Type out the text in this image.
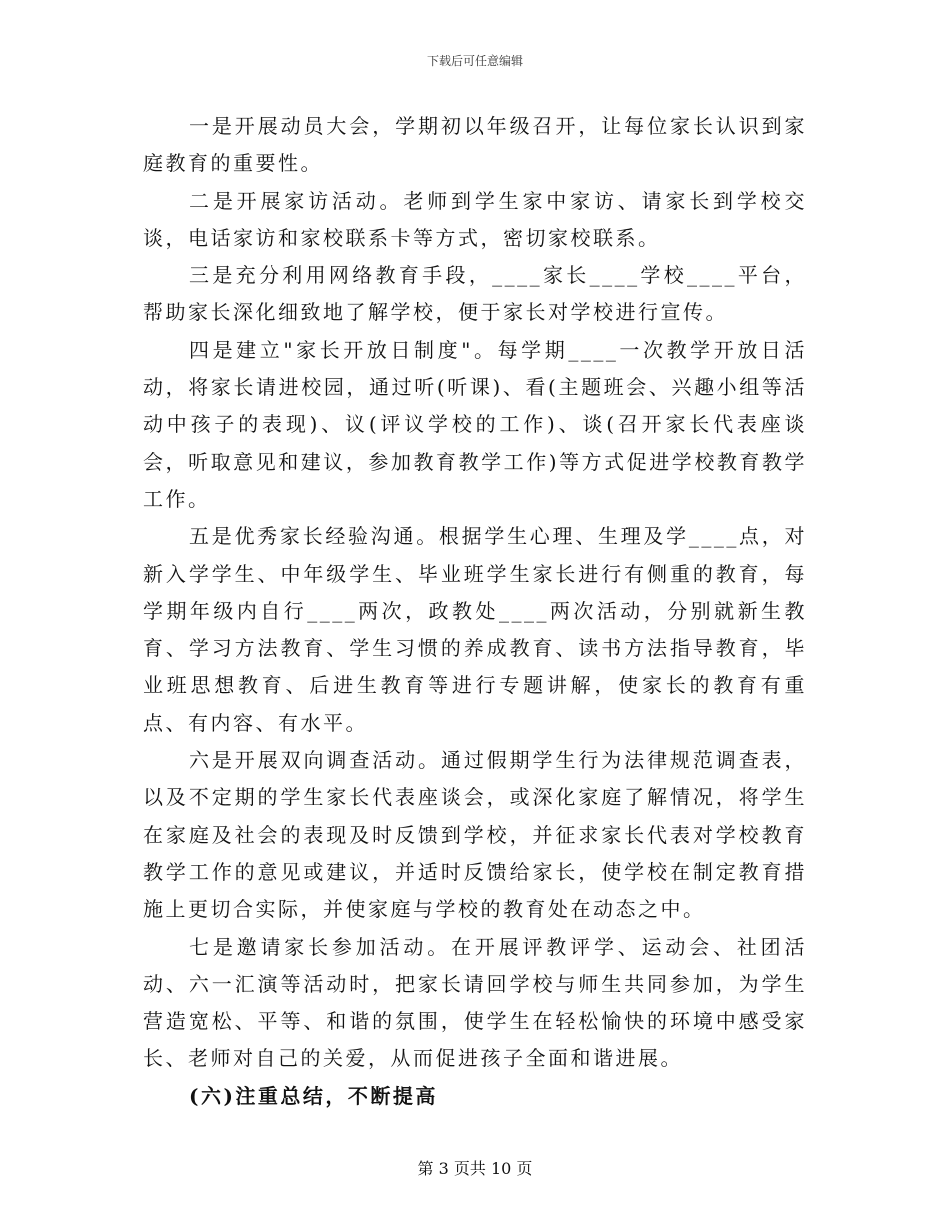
下载后可任意编辑

一是开展动员大会，学期初以年级召开，让每位家长认识到家庭教育的重要性。

二是开展家访活动。老师到学生家中家访、请家长到学校交谈，电话家访和家校联系卡等方式，密切家校联系。

三是充分利用网络教育手段，____家长____学校____平台，帮助家长深化细致地了解学校，便于家长对学校进行宣传。

四是建立"家长开放日制度"。每学期____一次教学开放日活动，将家长请进校园，通过听(听课)、看(主题班会、兴趣小组等活动中孩子的表现)、议(评议学校的工作)、谈(召开家长代表座谈会，听取意见和建议，参加教育教学工作)等方式促进学校教育教学工作。

五是优秀家长经验沟通。根据学生心理、生理及学____点，对新入学学生、中年级学生、毕业班学生家长进行有侧重的教育，每学期年级内自行____两次，政教处____两次活动，分别就新生教育、学习方法教育、学生习惯的养成教育、读书方法指导教育，毕业班思想教育、后进生教育等进行专题讲解，使家长的教育有重点、有内容、有水平。

六是开展双向调查活动。通过假期学生行为法律规范调查表，以及不定期的学生家长代表座谈会，或深化家庭了解情况，将学生在家庭及社会的表现及时反馈到学校，并征求家长代表对学校教育教学工作的意见或建议，并适时反馈给家长，使学校在制定教育措施上更切合实际，并使家庭与学校的教育处在动态之中。

七是邀请家长参加活动。在开展评教评学、运动会、社团活动、六一汇演等活动时，把家长请回学校与师生共同参加，为学生营造宽松、平等、和谐的氛围，使学生在轻松愉快的环境中感受家长、老师对自己的关爱，从而促进孩子全面和谐进展。

(六)注重总结，不断提高

第 3 页共 10 页
